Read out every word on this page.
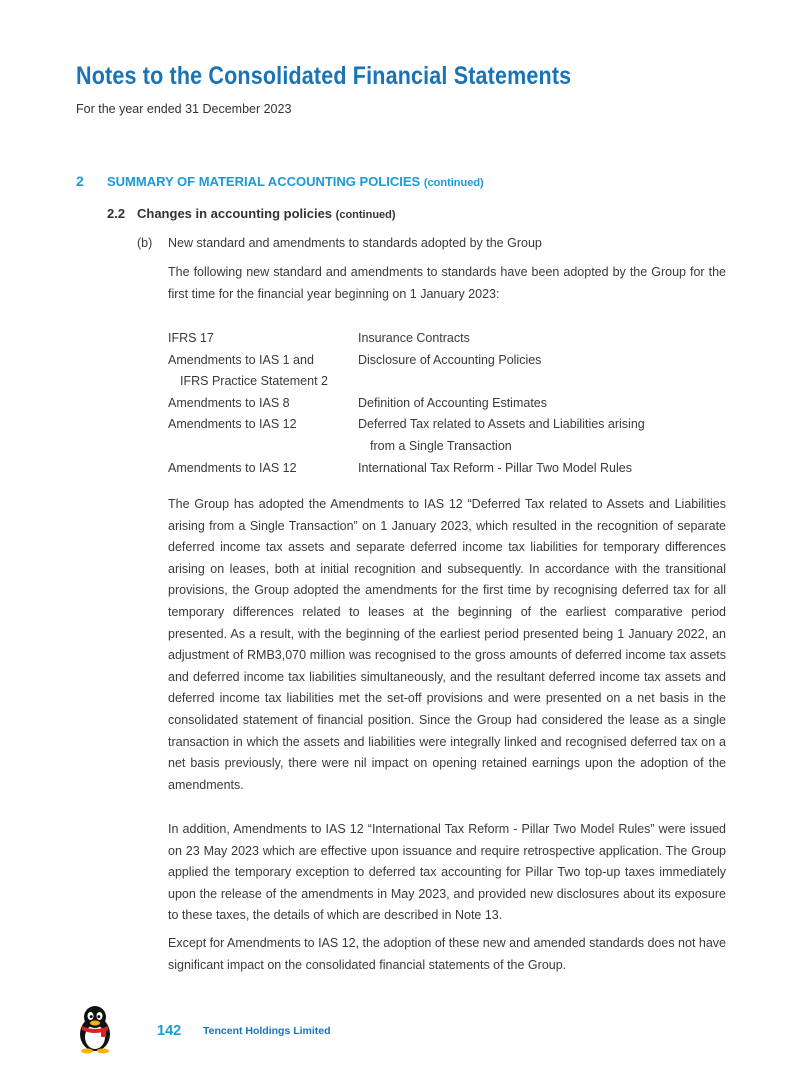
Notes to the Consolidated Financial Statements
For the year ended 31 December 2023
2 SUMMARY OF MATERIAL ACCOUNTING POLICIES (continued)
2.2 Changes in accounting policies (continued)
(b) New standard and amendments to standards adopted by the Group

The following new standard and amendments to standards have been adopted by the Group for the first time for the financial year beginning on 1 January 2023:

IFRS 17	Insurance Contracts
Amendments to IAS 1 and	Disclosure of Accounting Policies
IFRS Practice Statement 2
Amendments to IAS 8	Definition of Accounting Estimates
Amendments to IAS 12	Deferred Tax related to Assets and Liabilities arising
from a Single Transaction
Amendments to IAS 12	International Tax Reform - Pillar Two Model Rules

The Group has adopted the Amendments to IAS 12 “Deferred Tax related to Assets and Liabilities arising from a Single Transaction” on 1 January 2023, which resulted in the recognition of separate deferred income tax assets and separate deferred income tax liabilities for temporary differences arising on leases, both at initial recognition and subsequently. In accordance with the transitional provisions, the Group adopted the amendments for the first time by recognising deferred tax for all temporary differences related to leases at the beginning of the earliest comparative period presented. As a result, with the beginning of the earliest period presented being 1 January 2022, an adjustment of RMB3,070 million was recognised to the gross amounts of deferred income tax assets and deferred income tax liabilities simultaneously, and the resultant deferred income tax assets and deferred income tax liabilities met the set-off provisions and were presented on a net basis in the consolidated statement of financial position. Since the Group had considered the lease as a single transaction in which the assets and liabilities were integrally linked and recognised deferred tax on a net basis previously, there were nil impact on opening retained earnings upon the adoption of the amendments.

In addition, Amendments to IAS 12 “International Tax Reform - Pillar Two Model Rules” were issued on 23 May 2023 which are effective upon issuance and require retrospective application. The Group applied the temporary exception to deferred tax accounting for Pillar Two top-up taxes immediately upon the release of the amendments in May 2023, and provided new disclosures about its exposure to these taxes, the details of which are described in Note 13.

Except for Amendments to IAS 12, the adoption of these new and amended standards does not have significant impact on the consolidated financial statements of the Group.

142 Tencent Holdings Limited
